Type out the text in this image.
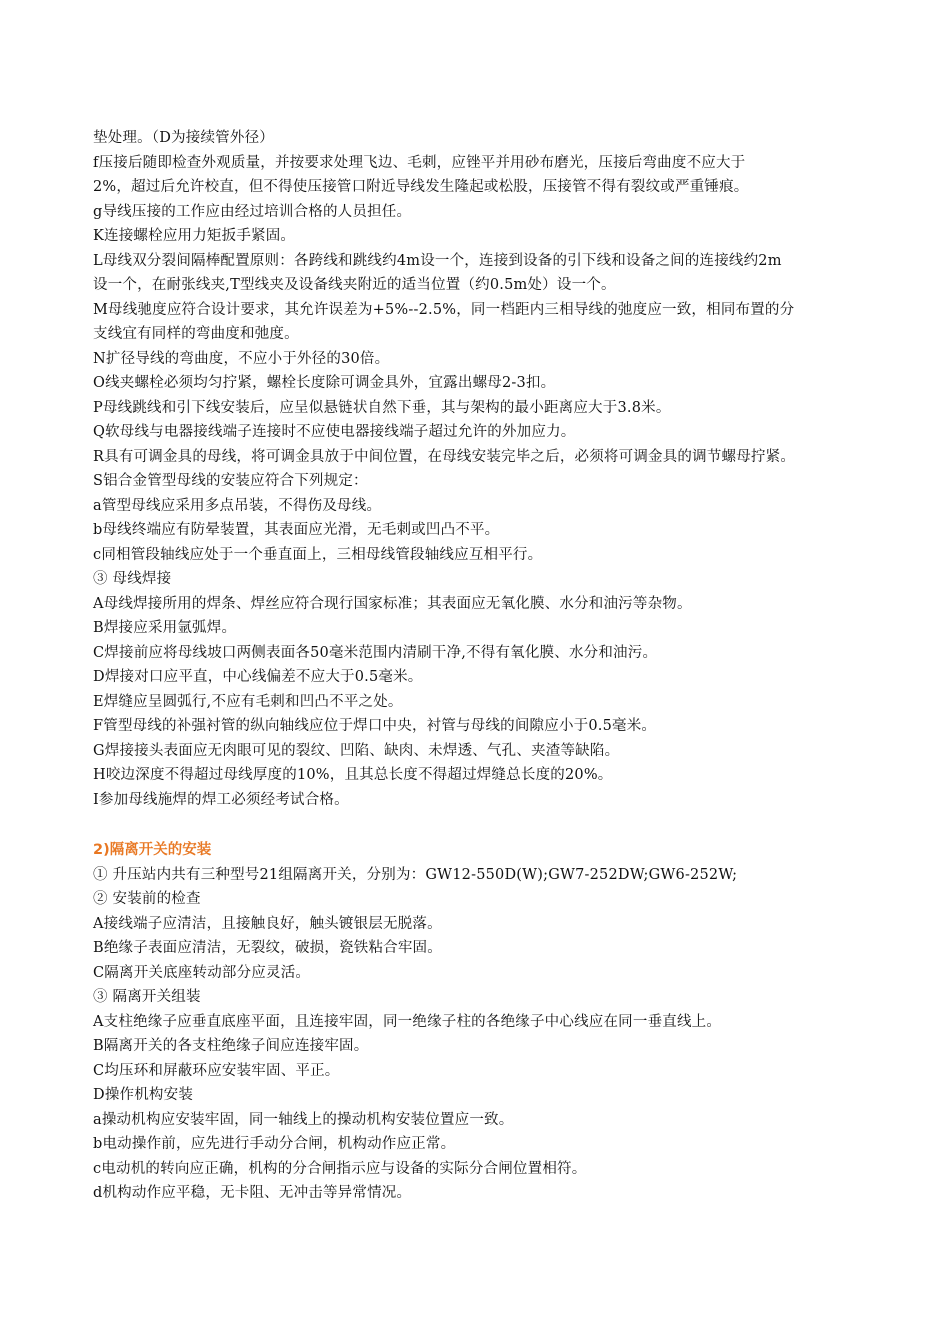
垫处理。（D为接续管外径）
f压接后随即检查外观质量，并按要求处理飞边、毛刺，应锉平并用砂布磨光，压接后弯曲度不应大于
2%，超过后允许校直，但不得使压接管口附近导线发生隆起或松股，压接管不得有裂纹或严重锤痕。
g导线压接的工作应由经过培训合格的人员担任。
K连接螺栓应用力矩扳手紧固。
L母线双分裂间隔棒配置原则：各跨线和跳线约4m设一个，连接到设备的引下线和设备之间的连接线约2m
设一个，在耐张线夹,T型线夹及设备线夹附近的适当位置（约0.5m处）设一个。
M母线驰度应符合设计要求，其允许误差为+5%--2.5%，同一档距内三相导线的弛度应一致，相同布置的分
支线宜有同样的弯曲度和弛度。
N扩径导线的弯曲度，不应小于外径的30倍。
O线夹螺栓必须均匀拧紧，螺栓长度除可调金具外，宜露出螺母2-3扣。
P母线跳线和引下线安装后，应呈似悬链状自然下垂，其与架构的最小距离应大于3.8米。
Q软母线与电器接线端子连接时不应使电器接线端子超过允许的外加应力。
R具有可调金具的母线，将可调金具放于中间位置，在母线安装完毕之后，必须将可调金具的调节螺母拧紧。
S铝合金管型母线的安装应符合下列规定：
a管型母线应采用多点吊装，不得伤及母线。
b母线终端应有防晕装置，其表面应光滑，无毛刺或凹凸不平。
c同相管段轴线应处于一个垂直面上，三相母线管段轴线应互相平行。
③ 母线焊接
A母线焊接所用的焊条、焊丝应符合现行国家标准；其表面应无氧化膜、水分和油污等杂物。
B焊接应采用氩弧焊。
C焊接前应将母线坡口两侧表面各50毫米范围内清刷干净,不得有氧化膜、水分和油污。
D焊接对口应平直，中心线偏差不应大于0.5毫米。
E焊缝应呈圆弧行,不应有毛刺和凹凸不平之处。
F管型母线的补强衬管的纵向轴线应位于焊口中央，衬管与母线的间隙应小于0.5毫米。
G焊接接头表面应无肉眼可见的裂纹、凹陷、缺肉、未焊透、气孔、夹渣等缺陷。
H咬边深度不得超过母线厚度的10%，且其总长度不得超过焊缝总长度的20%。
I参加母线施焊的焊工必须经考试合格。
2)隔离开关的安装
① 升压站内共有三种型号21组隔离开关，分别为：GW12-550D(W);GW7-252DW;GW6-252W;
② 安装前的检查
A接线端子应清洁，且接触良好，触头镀银层无脱落。
B绝缘子表面应清洁，无裂纹，破损，瓷铁粘合牢固。
C隔离开关底座转动部分应灵活。
③ 隔离开关组装
A支柱绝缘子应垂直底座平面，且连接牢固，同一绝缘子柱的各绝缘子中心线应在同一垂直线上。
B隔离开关的各支柱绝缘子间应连接牢固。
C均压环和屏蔽环应安装牢固、平正。
D操作机构安装
a操动机构应安装牢固，同一轴线上的操动机构安装位置应一致。
b电动操作前，应先进行手动分合闸，机构动作应正常。
c电动机的转向应正确，机构的分合闸指示应与设备的实际分合闸位置相符。
d机构动作应平稳，无卡阻、无冲击等异常情况。
